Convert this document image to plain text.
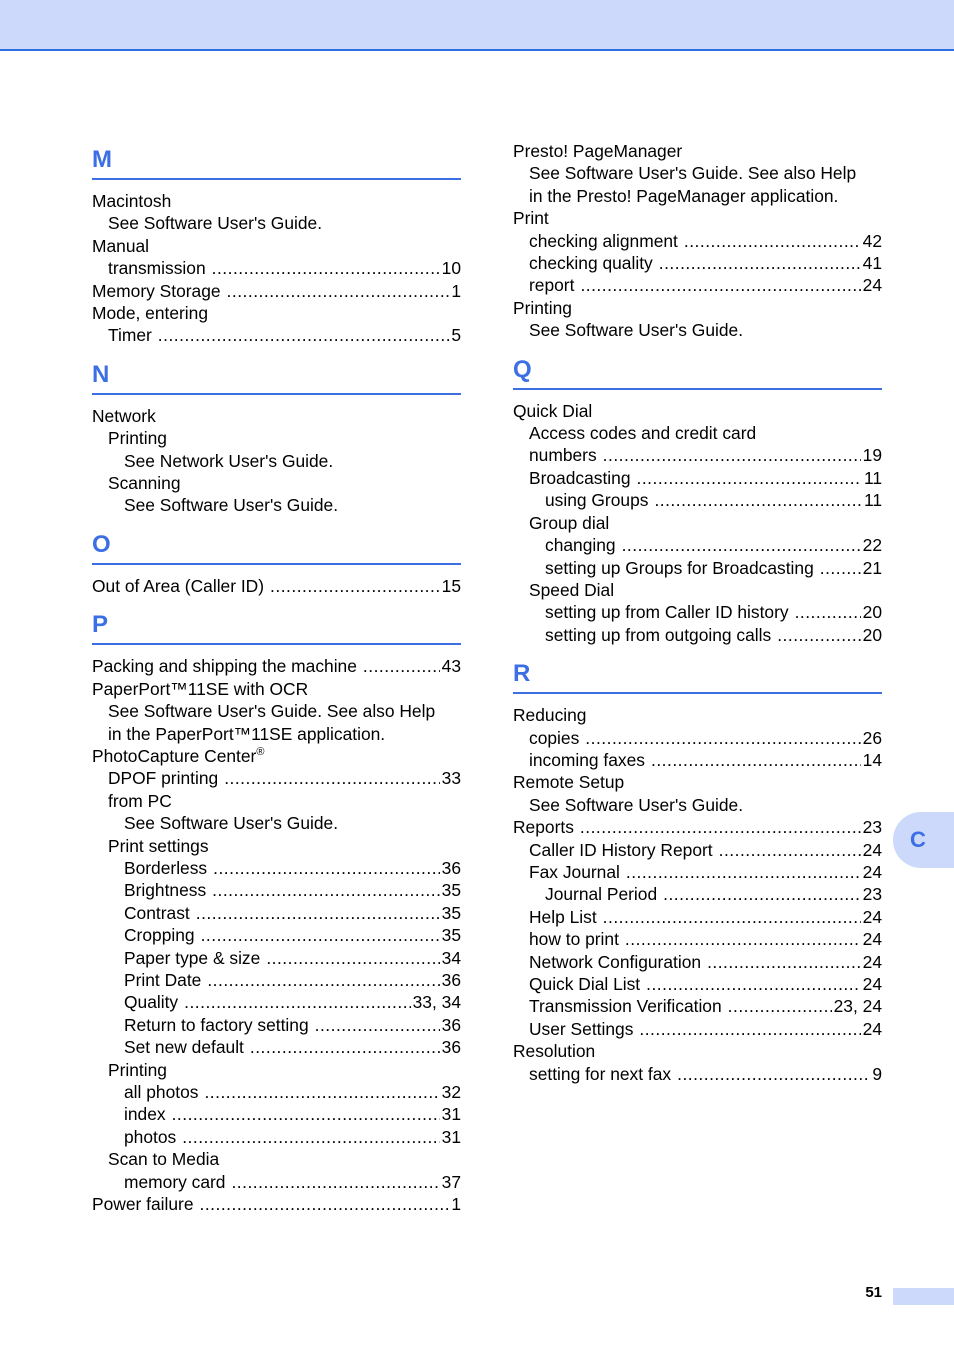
M
Macintosh
See Software User's Guide.
Manual
transmission .....	10
Memory Storage .....	1
Mode, entering
Timer .....	5
N
Network
Printing
See Network User's Guide.
Scanning
See Software User's Guide.
O
Out of Area (Caller ID) .....	15
P
Packing and shipping the machine .....	43
PaperPort™11SE with OCR
See Software User's Guide. See also Help
in the PaperPort™11SE application.
PhotoCapture Center®
DPOF printing .....	33
from PC
See Software User's Guide.
Print settings
Borderless .....	36
Brightness .....	35
Contrast .....	35
Cropping .....	35
Paper type & size .....	34
Print Date .....	36
Quality .....	33, 34
Return to factory setting .....	36
Set new default .....	36
Printing
all photos .....	32
index .....	31
photos .....	31
Scan to Media
memory card .....	37
Power failure .....	1
Presto! PageManager
See Software User's Guide. See also Help
in the Presto! PageManager application.
Print
checking alignment .....	42
checking quality .....	41
report .....	24
Printing
See Software User's Guide.
Q
Quick Dial
Access codes and credit card
numbers .....	19
Broadcasting .....	11
using Groups .....	11
Group dial
changing .....	22
setting up Groups for Broadcasting .....	21
Speed Dial
setting up from Caller ID history .....	20
setting up from outgoing calls .....	20
R
Reducing
copies .....	26
incoming faxes .....	14
Remote Setup
See Software User's Guide.
Reports .....	23
Caller ID History Report .....	24
Fax Journal .....	24
Journal Period .....	23
Help List .....	24
how to print .....	24
Network Configuration .....	24
Quick Dial List .....	24
Transmission Verification .....	23, 24
User Settings .....	24
Resolution
setting for next fax .....	9
C
51
